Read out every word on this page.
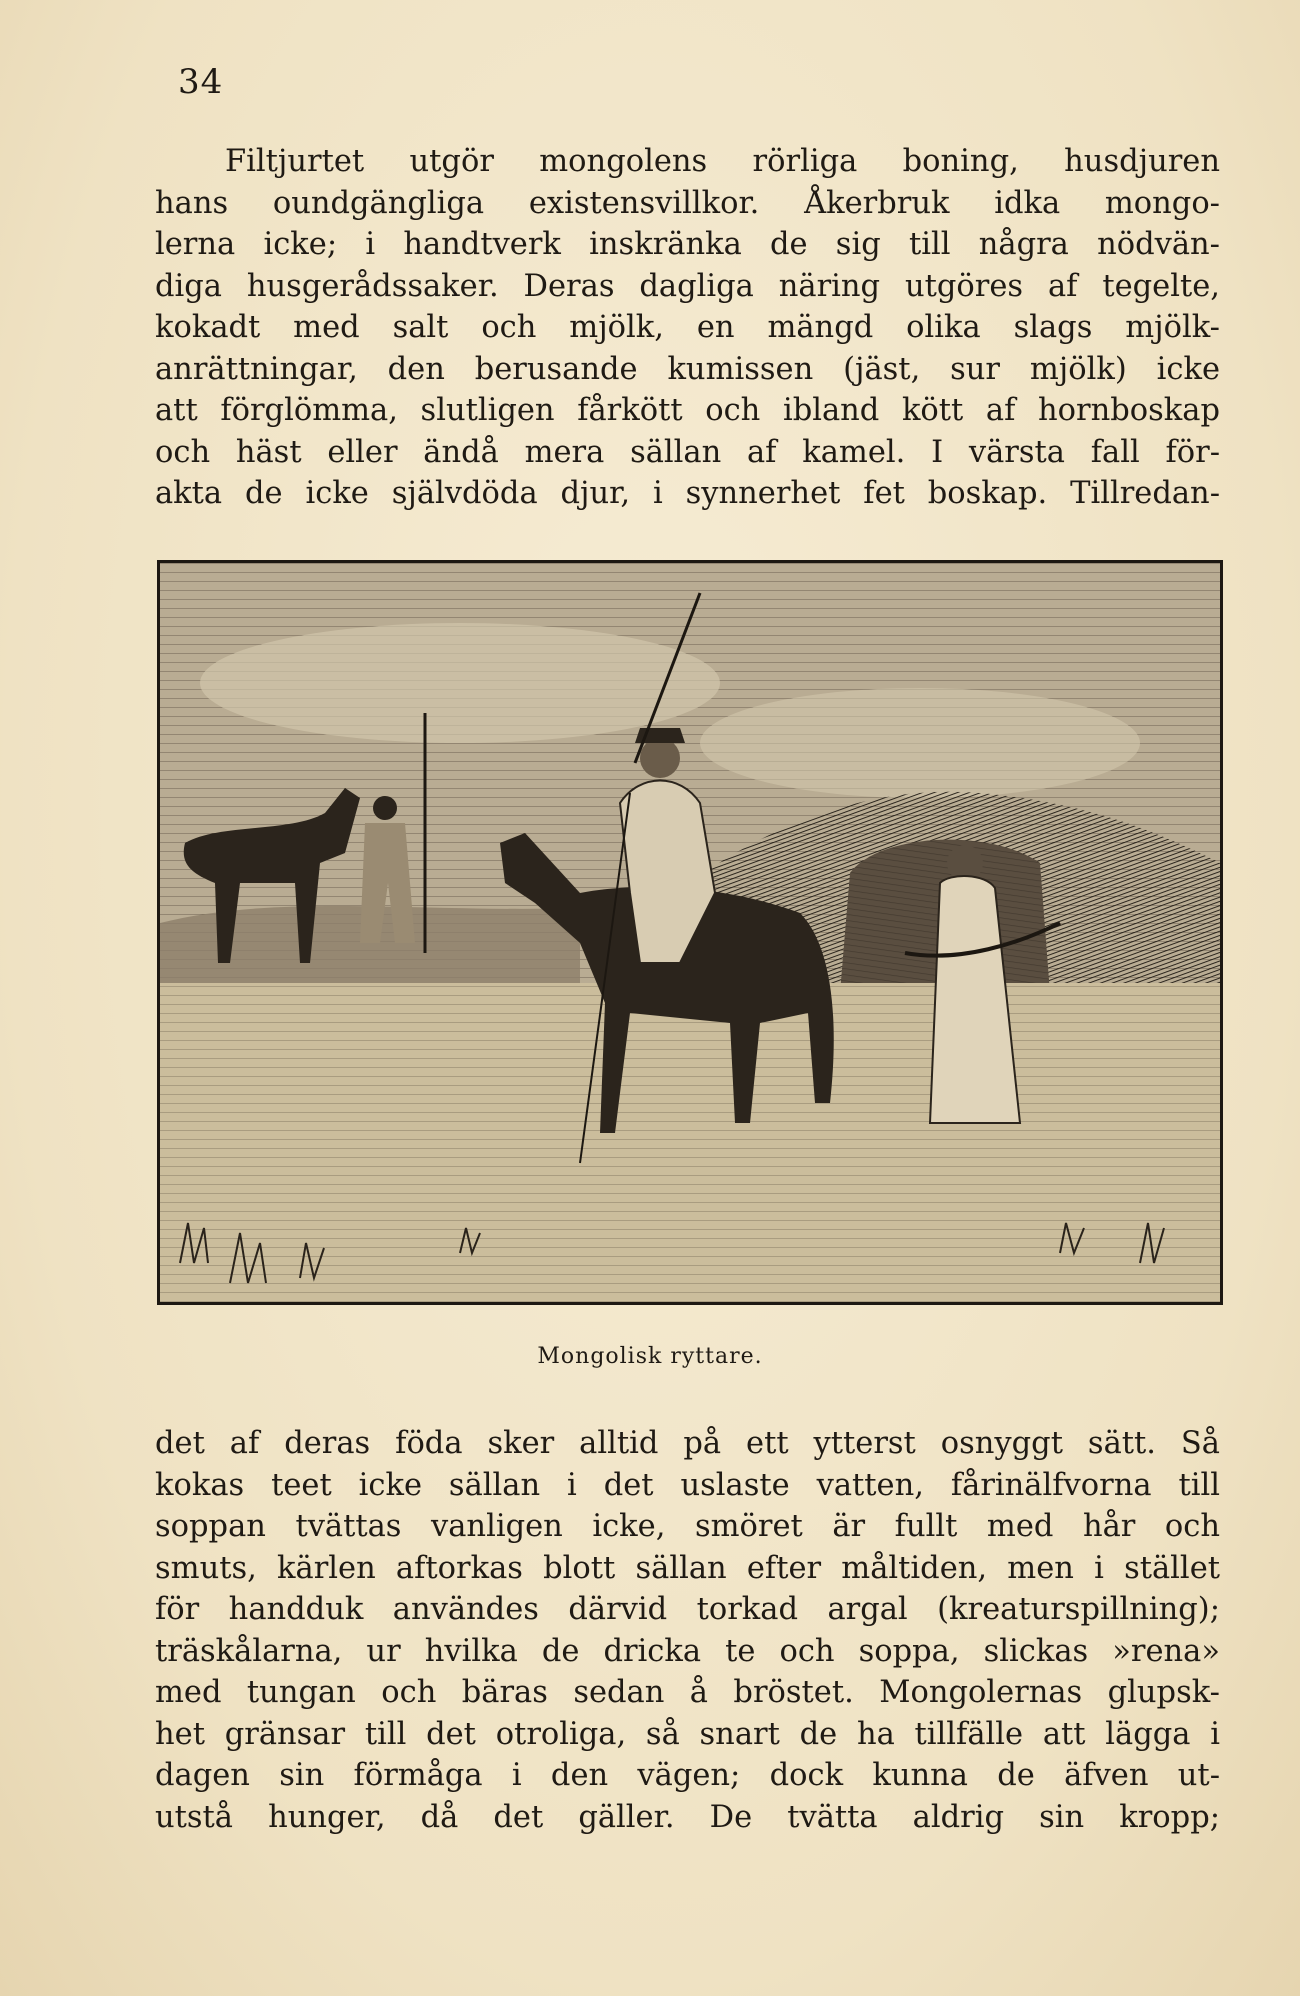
34
Filtjurtet utgör mongolens rörliga boning, husdjuren
hans oundgängliga existensvillkor. Åkerbruk idka mongo-
lerna icke; i handtverk inskränka de sig till några nödvän-
diga husgerådssaker. Deras dagliga näring utgöres af tegelte,
kokadt med salt och mjölk, en mängd olika slags mjölk-
anrättningar, den berusande kumissen (jäst, sur mjölk) icke
att förglömma, slutligen fårkött och ibland kött af hornboskap
och häst eller ändå mera sällan af kamel. I värsta fall för-
akta de icke självdöda djur, i synnerhet fet boskap. Tillredan-
Mongolisk ryttare.
det af deras föda sker alltid på ett ytterst osnyggt sätt. Så
kokas teet icke sällan i det uslaste vatten, fårinälfvorna till
soppan tvättas vanligen icke, smöret är fullt med hår och
smuts, kärlen aftorkas blott sällan efter måltiden, men i stället
för handduk användes därvid torkad argal (kreaturspillning);
träskålarna, ur hvilka de dricka te och soppa, slickas »rena»
med tungan och bäras sedan å bröstet. Mongolernas glupsk-
het gränsar till det otroliga, så snart de ha tillfälle att lägga i
dagen sin förmåga i den vägen; dock kunna de äfven ut-
utstå hunger, då det gäller. De tvätta aldrig sin kropp;
